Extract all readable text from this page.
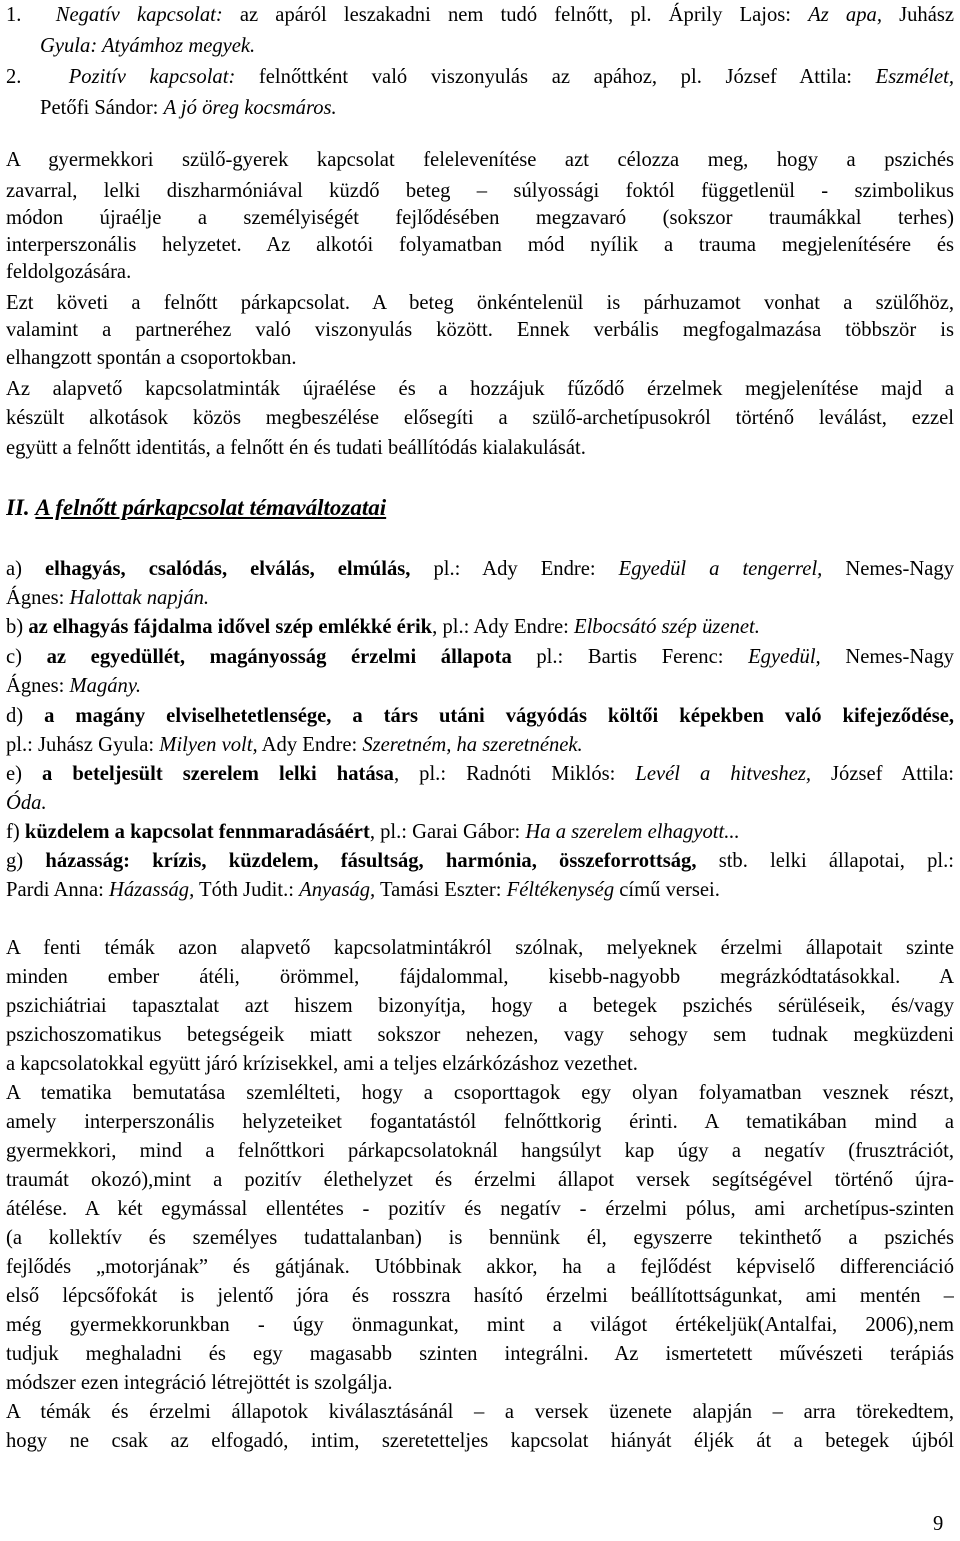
1. Negatív kapcsolat: az apáról leszakadni nem tudó felnőtt, pl. Áprily Lajos: Az apa, Juhász
Gyula: Atyámhoz megyek.
2. Pozitív kapcsolat: felnőttként való viszonyulás az apához, pl. József Attila: Eszmélet,
Petőfi Sándor: A jó öreg kocsmáros.
A gyermekkori szülő-gyerek kapcsolat felelevenítése azt célozza meg, hogy a pszichés
zavarral, lelki diszharmóniával küzdő beteg – súlyossági foktól függetlenül - szimbolikus
módon újraélje a személyiségét fejlődésében megzavaró (sokszor traumákkal terhes)
interperszonális helyzetet. Az alkotói folyamatban mód nyílik a trauma megjelenítésére és
feldolgozására.
Ezt követi a felnőtt párkapcsolat. A beteg önkéntelenül is párhuzamot vonhat a szülőhöz,
valamint a partneréhez való viszonyulás között. Ennek verbális megfogalmazása többször is
elhangzott spontán a csoportokban.
Az alapvető kapcsolatminták újraélése és a hozzájuk fűződő érzelmek megjelenítése majd a
készült alkotások közös megbeszélése elősegíti a szülő-archetípusokról történő leválást, ezzel
együtt a felnőtt identitás, a felnőtt én és tudati beállítódás kialakulását.
II. A felnőtt párkapcsolat témaváltozatai
a) elhagyás, csalódás, elválás, elmúlás, pl.: Ady Endre: Egyedül a tengerrel, Nemes-Nagy
Ágnes: Halottak napján.
b) az elhagyás fájdalma idővel szép emlékké érik, pl.: Ady Endre: Elbocsátó szép üzenet.
c) az egyedüllét, magányosság érzelmi állapota pl.: Bartis Ferenc: Egyedül, Nemes-Nagy
Ágnes: Magány.
d) a magány elviselhetetlensége, a társ utáni vágyódás költői képekben való kifejeződése,
pl.: Juhász Gyula: Milyen volt, Ady Endre: Szeretném, ha szeretnének.
e) a beteljesült szerelem lelki hatása, pl.: Radnóti Miklós: Levél a hitveshez, József Attila:
Óda.
f) küzdelem a kapcsolat fennmaradásáért, pl.: Garai Gábor: Ha a szerelem elhagyott...
g) házasság: krízis, küzdelem, fásultság, harmónia, összeforrottság, stb. lelki állapotai, pl.:
Pardi Anna: Házasság, Tóth Judit.: Anyaság, Tamási Eszter: Féltékenység című versei.
A fenti témák azon alapvető kapcsolatmintákról szólnak, melyeknek érzelmi állapotait szinte
minden ember átéli, örömmel, fájdalommal, kisebb-nagyobb megrázkódtatásokkal. A
pszichiátriai tapasztalat azt hiszem bizonyítja, hogy a betegek pszichés sérüléseik, és/vagy
pszichoszomatikus betegségeik miatt sokszor nehezen, vagy sehogy sem tudnak megküzdeni
a kapcsolatokkal együtt járó krízisekkel, ami a teljes elzárkózáshoz vezethet.
A tematika bemutatása szemlélteti, hogy a csoporttagok egy olyan folyamatban vesznek részt,
amely interperszonális helyzeteiket fogantatástól felnőttkorig érinti. A tematikában mind a
gyermekkori, mind a felnőttkori párkapcsolatoknál hangsúlyt kap úgy a negatív (frusztrációt,
traumát okozó),mint a pozitív élethelyzet és érzelmi állapot versek segítségével történő újra-
átélése. A két egymással ellentétes - pozitív és negatív - érzelmi pólus, ami archetípus-szinten
(a kollektív és személyes tudattalanban) is bennünk él, egyszerre tekinthető a pszichés
fejlődés „motorjának” és gátjának. Utóbbinak akkor, ha a fejlődést képviselő differenciáció
első lépcsőfokát is jelentő jóra és rosszra hasító érzelmi beállítottságunkat, ami mentén –
még gyermekkorunkban - úgy önmagunkat, mint a világot értékeljük(Antalfai, 2006),nem
tudjuk meghaladni és egy magasabb szinten integrálni. Az ismertetett művészeti terápiás
módszer ezen integráció létrejöttét is szolgálja.
A témák és érzelmi állapotok kiválasztásánál – a versek üzenete alapján – arra törekedtem,
hogy ne csak az elfogadó, intim, szeretetteljes kapcsolat hiányát éljék át a betegek újból
9
